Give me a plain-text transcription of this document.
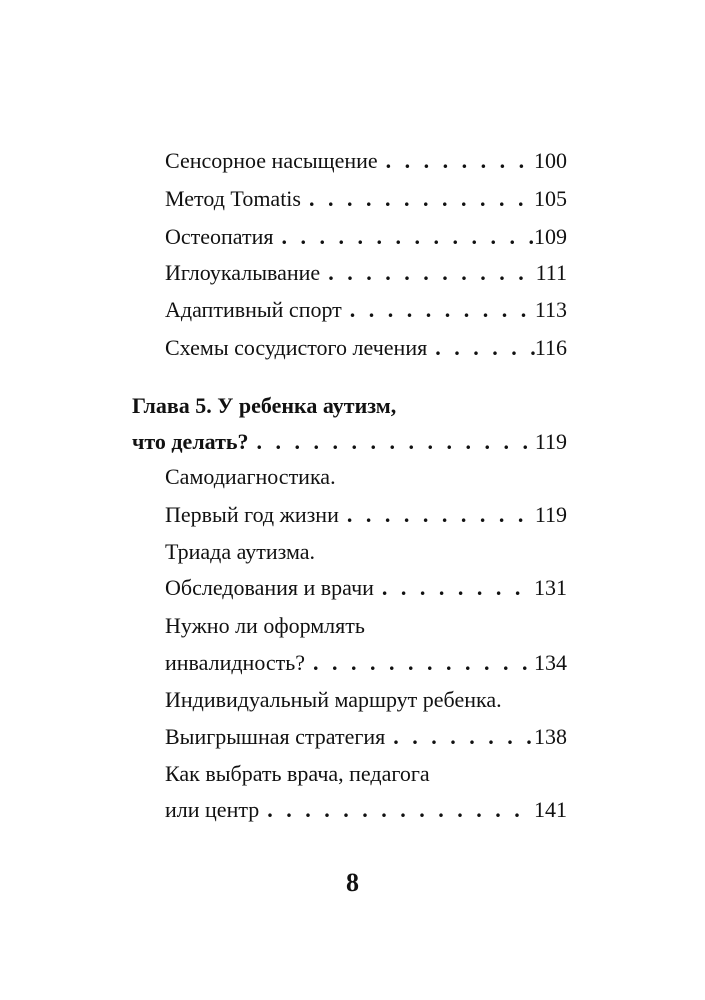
Сенсорное насыщение . . .	100
Метод Tomatis . . .	105
Остеопатия . . .	109
Иглоукалывание . . .	111
Адаптивный спорт . . .	113
Схемы сосудистого лечения . . .	116
Глава 5. У ребенка аутизм,
что делать? . . .	119
Самодиагностика.
Первый год жизни . . .	119
Триада аутизма.
Обследования и врачи . . .	131
Нужно ли оформлять
инвалидность? . . .	134
Индивидуальный маршрут ребенка.
Выигрышная стратегия . . .	138
Как выбрать врача, педагога
или центр . . .	141
8
